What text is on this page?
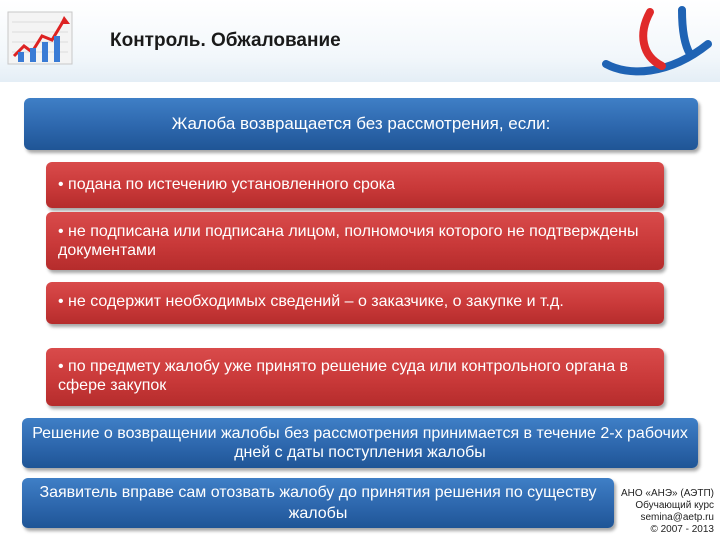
Контроль. Обжалование
Жалоба возвращается без рассмотрения, если:
• подана по истечению установленного срока
• не подписана или подписана лицом, полномочия которого не подтверждены документами
• не содержит необходимых сведений – о заказчике, о закупке и т.д.
• по предмету жалобу уже принято решение суда или контрольного органа в сфере закупок
Решение о возвращении жалобы без рассмотрения принимается в течение 2-х рабочих дней с даты поступления жалобы
Заявитель вправе сам отозвать жалобу до принятия решения по существу жалобы
АНО «АНЭ» (АЭТП)
Обучающий курс
semina@aetp.ru
© 2007 - 2013
